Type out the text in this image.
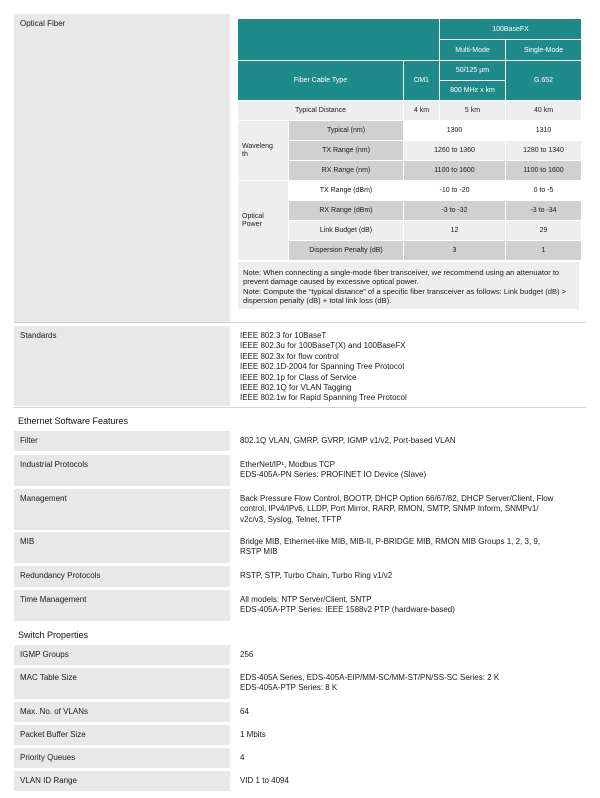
Optical Fiber
			100BaseFX	
			Multi-Mode	Single-Mode
Fiber Cable Type		OM1	50/125 µm	G.652
			800 MHz x km	
Typical Distance		4 km	5 km	40 km
Wavelength	Typical (nm)	1300		1310
	TX Range (nm)	1260 to 1360		1280 to 1340
	RX Range (nm)	1100 to 1600		1100 to 1600
Optical Power	TX Range (dBm)	-10 to -20		0 to -5
	RX Range (dBm)	-3 to -32		-3 to -34
	Link Budget (dB)	12		29
	Dispersion Penalty (dB)	3		1
Note: When connecting a single-mode fiber transceiver, we recommend using an attenuator to prevent damage caused by excessive optical power.
Note: Compute the “typical distance” of a specific fiber transceiver as follows: Link budget (dB) > dispersion penalty (dB) + total link loss (dB).
Standards	IEEE 802.3 for 10BaseT
IEEE 802.3u for 100BaseT(X) and 100BaseFX
IEEE 802.3x for flow control
IEEE 802.1D-2004 for Spanning Tree Protocol
IEEE 802.1p for Class of Service
IEEE 802.1Q for VLAN Tagging
IEEE 802.1w for Rapid Spanning Tree Protocol
Ethernet Software Features
Filter	802.1Q VLAN, GMRP, GVRP, IGMP v1/v2, Port-based VLAN
Industrial Protocols	EtherNet/IP¹, Modbus TCP
EDS-405A-PN Series: PROFINET IO Device (Slave)
Management	Back Pressure Flow Control, BOOTP, DHCP Option 66/67/82, DHCP Server/Client, Flow
control, IPv4/IPv6, LLDP, Port Mirror, RARP, RMON, SMTP, SNMP Inform, SNMPv1/
v2c/v3, Syslog, Telnet, TFTP
MIB	Bridge MIB, Ethernet-like MIB, MIB-II, P-BRIDGE MIB, RMON MIB Groups 1, 2, 3, 9,
RSTP MIB
Redundancy Protocols	RSTP, STP, Turbo Chain, Turbo Ring v1/v2
Time Management	All models: NTP Server/Client, SNTP
EDS-405A-PTP Series: IEEE 1588v2 PTP (hardware-based)
Switch Properties
IGMP Groups	256
MAC Table Size	EDS-405A Series, EDS-405A-EIP/MM-SC/MM-ST/PN/SS-SC Series: 2 K
EDS-405A-PTP Series: 8 K
Max. No. of VLANs	64
Packet Buffer Size	1 Mbits
Priority Queues	4
VLAN ID Range	VID 1 to 4094
